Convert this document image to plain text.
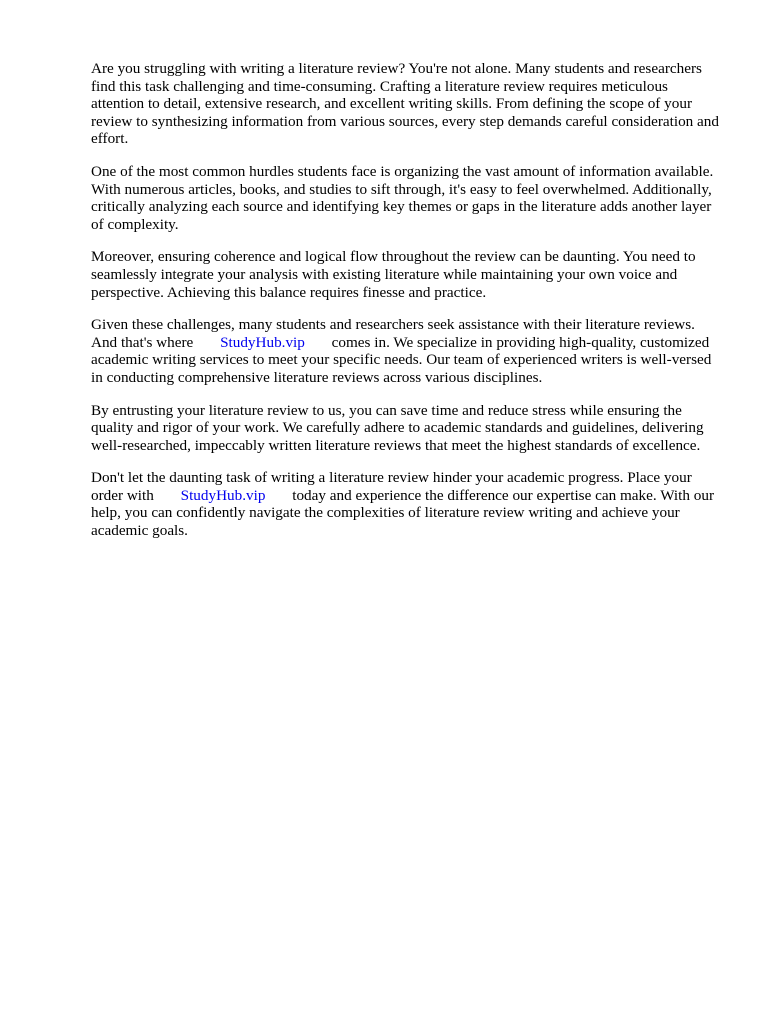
Are you struggling with writing a literature review? You're not alone. Many students and researchers find this task challenging and time-consuming. Crafting a literature review requires meticulous attention to detail, extensive research, and excellent writing skills. From defining the scope of your review to synthesizing information from various sources, every step demands careful consideration and effort.

One of the most common hurdles students face is organizing the vast amount of information available. With numerous articles, books, and studies to sift through, it's easy to feel overwhelmed. Additionally, critically analyzing each source and identifying key themes or gaps in the literature adds another layer of complexity.

Moreover, ensuring coherence and logical flow throughout the review can be daunting. You need to seamlessly integrate your analysis with existing literature while maintaining your own voice and perspective. Achieving this balance requires finesse and practice.

Given these challenges, many students and researchers seek assistance with their literature reviews. And that's where StudyHub.vip comes in. We specialize in providing high-quality, customized academic writing services to meet your specific needs. Our team of experienced writers is well-versed in conducting comprehensive literature reviews across various disciplines.

By entrusting your literature review to us, you can save time and reduce stress while ensuring the quality and rigor of your work. We carefully adhere to academic standards and guidelines, delivering well-researched, impeccably written literature reviews that meet the highest standards of excellence.

Don't let the daunting task of writing a literature review hinder your academic progress. Place your order with StudyHub.vip today and experience the difference our expertise can make. With our help, you can confidently navigate the complexities of literature review writing and achieve your academic goals.
